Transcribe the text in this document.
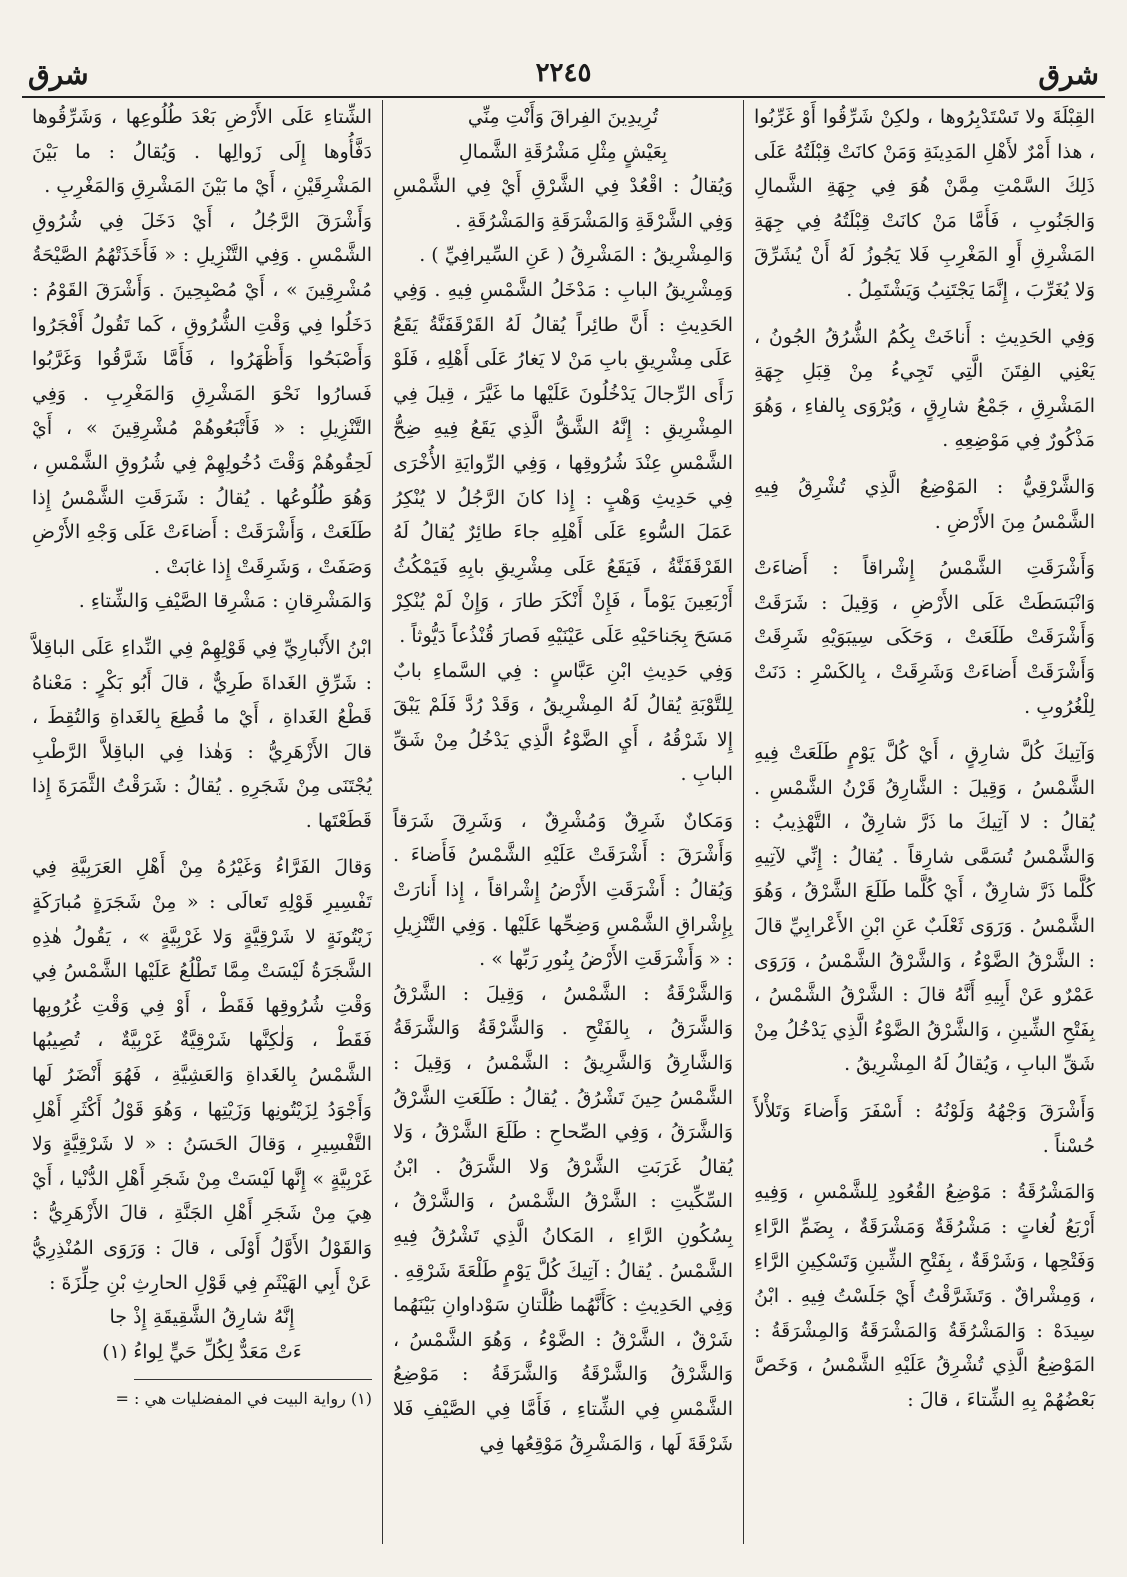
شرق
٢٢٤٥
شرق

القِبْلَةَ ولا تَسْتَدْبِرُوها ، ولكِنْ شَرِّقُوا أَوْ غَرِّبُوا ، هذا أَمْرٌ لأَهْلِ المَدِينَةِ وَمَنْ كانَتْ قِبْلَتُهُ عَلَى ذَلِكَ السَّمْتِ مِمَّنْ هُوَ فِي جِهَةِ الشَّمالِ وَالجَنُوبِ ، فَأَمَّا مَنْ كانَتْ قِبْلَتُهُ فِي جِهَةِ المَشْرِقِ أَوِ المَغْرِبِ فَلا يَجُوزُ لَهُ أَنْ يُشَرِّقَ وَلا يُغَرِّبَ ، إِنَّمَا يَجْتَنِبُ وَيَشْتَمِلُ .

وَفِي الحَدِيثِ : أَناخَتْ بِكُمُ الشُّرُقُ الجُونُ ، يَعْنِي الفِتَنَ الَّتِي تَجِيءُ مِنْ قِبَلِ جِهَةِ المَشْرِقِ ، جَمْعُ شارِقٍ ، وَيُرْوَى بِالفاءِ ، وَهُوَ مَذْكُورٌ فِي مَوْضِعِهِ .

وَالشَّرْقِيُّ : المَوْضِعُ الَّذِي تُشْرِقُ فِيهِ الشَّمْسُ مِنَ الأَرْضِ .

وَأَشْرَقَتِ الشَّمْسُ إِشْراقاً : أَضاءَتْ وَانْبَسَطَتْ عَلَى الأَرْضِ ، وَقِيلَ : شَرَقَتْ وَأَشْرَقَتْ طَلَعَتْ ، وَحَكَى سِيبَوَيْهِ شَرِقَتْ وَأَشْرَقَتْ أَضاءَتْ وَشَرِقَتْ ، بِالكَسْرِ : دَنَتْ لِلْغُرُوبِ .

وَآتِيكَ كُلَّ شارِقٍ ، أَيْ كُلَّ يَوْمٍ طَلَعَتْ فِيهِ الشَّمْسُ ، وَقِيلَ : الشَّارِقُ قَرْنُ الشَّمْسِ . يُقالُ : لا آتِيكَ ما ذَرَّ شارِقٌ ، التَّهْذِيبُ : وَالشَّمْسُ تُسَمَّى شارِقاً . يُقالُ : إِنِّي لآتِيهِ كُلَّما ذَرَّ شارِقٌ ، أَيْ كُلَّما طَلَعَ الشَّرْقُ ، وَهُوَ الشَّمْسُ . وَرَوَى ثَعْلَبٌ عَنِ ابْنِ الأَعْرابِيِّ قالَ : الشَّرْقُ الضَّوْءُ ، وَالشَّرْقُ الشَّمْسُ ، وَرَوَى عَمْرٌو عَنْ أَبِيهِ أَنَّهُ قالَ : الشَّرْقُ الشَّمْسُ ، بِفَتْحِ الشِّينِ ، وَالشَّرْقُ الضَّوْءُ الَّذِي يَدْخُلُ مِنْ شَقِّ البابِ ، وَيُقالُ لَهُ المِشْرِيقُ .

وَأَشْرَقَ وَجْهُهُ وَلَوْنُهُ : أَسْفَرَ وَأَضاءَ وَتَلأْلأَ حُسْناً .

وَالمَشْرُقَةُ : مَوْضِعُ القُعُودِ لِلشَّمْسِ ، وَفِيهِ أَرْبَعُ لُغاتٍ : مَشْرُقَةٌ وَمَشْرَقَةٌ ، بِضَمِّ الرَّاءِ وَفَتْحِها ، وَشَرْقَةٌ ، بِفَتْحِ الشِّينِ وَتَسْكِينِ الرَّاءِ ، وَمِشْراقٌ . وَتَشَرَّقْتُ أَيْ جَلَسْتُ فِيهِ . ابْنُ سِيدَهْ : وَالمَشْرُقَةُ وَالمَشْرَقَةُ وَالمِشْرَقَةُ : المَوْضِعُ الَّذِي تُشْرِقُ عَلَيْهِ الشَّمْسُ ، وَخَصَّ بَعْضُهُمْ بِهِ الشِّتاءَ ، قالَ :

تُرِيدِينَ الفِراقَ وَأَنْتِ مِنِّي

بِعَيْشٍ مِثْلِ مَشْرُقَةِ الشَّمالِ

وَيُقالُ : اقْعُدْ فِي الشَّرْقِ أَيْ فِي الشَّمْسِ وَفِي الشَّرْقَةِ وَالمَشْرَقَةِ وَالمَشْرُقَةِ .

وَالمِشْرِيقُ : المَشْرِقُ ( عَنِ السِّيرافِيِّ ) .

وَمِشْرِيقُ البابِ : مَدْخَلُ الشَّمْسِ فِيهِ . وَفِي الحَدِيثِ : أَنَّ طائِراً يُقالُ لَهُ القَرْقَفَنَّةُ يَقَعُ عَلَى مِشْرِيقِ بابِ مَنْ لا يَغارُ عَلَى أَهْلِهِ ، فَلَوْ رَأَى الرِّجالَ يَدْخُلُونَ عَلَيْها ما غَيَّرَ ، قِيلَ فِي المِشْرِيقِ : إِنَّهُ الشَّقُّ الَّذِي يَقَعُ فِيهِ ضِحُّ الشَّمْسِ عِنْدَ شُرُوقِها ، وَفِي الرِّوايَةِ الأُخْرَى فِي حَدِيثِ وَهْبٍ : إِذا كانَ الرَّجُلُ لا يُنْكِرُ عَمَلَ السُّوءِ عَلَى أَهْلِهِ جاءَ طائِرٌ يُقالُ لَهُ القَرْقَفَنَّةُ ، فَيَقَعُ عَلَى مِشْرِيقِ بابِهِ فَيَمْكُثُ أَرْبَعِينَ يَوْماً ، فَإِنْ أَنْكَرَ طارَ ، وَإِنْ لَمْ يُنْكِرْ مَسَحَ بِجَناحَيْهِ عَلَى عَيْنَيْهِ فَصارَ قُنْذُعاً دَيُّوثاً .

وَفِي حَدِيثِ ابْنِ عَبَّاسٍ : فِي السَّماءِ بابٌ لِلتَّوْبَةِ يُقالُ لَهُ المِشْرِيقُ ، وَقَدْ رُدَّ فَلَمْ يَبْقَ إِلا شَرْقُهُ ، أَيِ الضَّوْءُ الَّذِي يَدْخُلُ مِنْ شَقِّ البابِ .

وَمَكانٌ شَرِقٌ وَمُشْرِقٌ ، وَشَرِقَ شَرَقاً وَأَشْرَقَ : أَشْرَقَتْ عَلَيْهِ الشَّمْسُ فَأَضاءَ . وَيُقالُ : أَشْرَقَتِ الأَرْضُ إِشْراقاً ، إِذا أَنارَتْ بِإِشْراقِ الشَّمْسِ وَضِحِّها عَلَيْها . وَفِي التَّنْزِيلِ : « وَأَشْرَقَتِ الأَرْضُ بِنُورِ رَبِّها » .

وَالشَّرْقَةُ : الشَّمْسُ ، وَقِيلَ : الشَّرْقُ وَالشَّرَقُ ، بِالفَتْحِ . وَالشَّرْقَةُ وَالشَّرَقَةُ وَالشَّارِقُ وَالشَّرِيقُ : الشَّمْسُ ، وَقِيلَ : الشَّمْسُ حِينَ تَشْرُقُ . يُقالُ : طَلَعَتِ الشَّرْقُ وَالشَّرَقُ ، وَفِي الصِّحاحِ : طَلَعَ الشَّرْقُ ، وَلا يُقالُ غَرَبَتِ الشَّرْقُ وَلا الشَّرَقُ . ابْنُ السِّكِّيتِ : الشَّرْقُ الشَّمْسُ ، وَالشَّرْقُ ، بِسُكُونِ الرَّاءِ ، المَكانُ الَّذِي تَشْرُقُ فِيهِ الشَّمْسُ . يُقالُ : آتِيكَ كُلَّ يَوْمٍ طَلْعَةَ شَرْقِهِ . وَفِي الحَدِيثِ : كَأَنَّهُما ظُلَّتانِ سَوْداوانِ بَيْنَهُما شَرْقٌ ، الشَّرْقُ : الضَّوْءُ ، وَهُوَ الشَّمْسُ ، وَالشَّرْقُ وَالشَّرْقَةُ وَالشَّرَقَةُ : مَوْضِعُ الشَّمْسِ فِي الشِّتاءِ ، فَأَمَّا فِي الصَّيْفِ فَلا شَرْقَةَ لَها ، وَالمَشْرِقُ مَوْقِعُها فِي

الشِّتاءِ عَلَى الأَرْضِ بَعْدَ طُلُوعِها ، وَشَرِّقُوها دَفَّأُوها إِلَى زَوالِها . وَيُقالُ : ما بَيْنَ المَشْرِقَيْنِ ، أَيْ ما بَيْنَ المَشْرِقِ وَالمَغْرِبِ .

وَأَشْرَقَ الرَّجُلُ ، أَيْ دَخَلَ فِي شُرُوقِ الشَّمْسِ . وَفِي التَّنْزِيلِ : « فَأَخَذَتْهُمُ الصَّيْحَةُ مُشْرِقِينَ » ، أَيْ مُصْبِحِينَ . وَأَشْرَقَ القَوْمُ : دَخَلُوا فِي وَقْتِ الشُّرُوقِ ، كَما تَقُولُ أَفْجَرُوا وَأَصْبَحُوا وَأَظْهَرُوا ، فَأَمَّا شَرَّقُوا وَغَرَّبُوا فَسارُوا نَحْوَ المَشْرِقِ وَالمَغْرِبِ . وَفِي التَّنْزِيلِ : « فَأَتْبَعُوهُمْ مُشْرِقِينَ » ، أَيْ لَحِقُوهُمْ وَقْتَ دُخُولِهِمْ فِي شُرُوقِ الشَّمْسِ ، وَهُوَ طُلُوعُها . يُقالُ : شَرَقَتِ الشَّمْسُ إِذا طَلَعَتْ ، وَأَشْرَقَتْ : أَضاءَتْ عَلَى وَجْهِ الأَرْضِ وَصَفَتْ ، وَشَرِقَتْ إِذا غابَتْ .

وَالمَشْرِقانِ : مَشْرِقا الصَّيْفِ وَالشِّتاءِ .

ابْنُ الأَنْبارِيِّ فِي قَوْلِهِمْ فِي النِّداءِ عَلَى الباقِلاَّ : شَرِّقِ الغَداةَ طَرِيٌّ ، قالَ أَبُو بَكْرٍ : مَعْناهُ قَطْعُ الغَداةِ ، أَيْ ما قُطِعَ بِالغَداةِ وَالتُقِطَ ، قالَ الأَزْهَرِيُّ : وَهٰذا فِي الباقِلاَّ الرَّطْبِ يُجْتَنَى مِنْ شَجَرِهِ . يُقالُ : شَرَقْتُ الثَّمَرَةَ إِذا قَطَعْتَها .

وَقالَ الفَرَّاءُ وَغَيْرُهُ مِنْ أَهْلِ العَرَبِيَّةِ فِي تَفْسِيرِ قَوْلِهِ تَعالَى : « مِنْ شَجَرَةٍ مُبارَكَةٍ زَيْتُونَةٍ لا شَرْقِيَّةٍ وَلا غَرْبِيَّةٍ » ، يَقُولُ هٰذِهِ الشَّجَرَةُ لَيْسَتْ مِمَّا تَطْلُعُ عَلَيْها الشَّمْسُ فِي وَقْتِ شُرُوقِها فَقَطْ ، أَوْ فِي وَقْتِ غُرُوبِها فَقَطْ ، وَلٰكِنَّها شَرْقِيَّةٌ غَرْبِيَّةٌ ، تُصِيبُها الشَّمْسُ بِالغَداةِ وَالعَشِيَّةِ ، فَهُوَ أَنْضَرُ لَها وَأَجْوَدُ لِزَيْتُونِها وَزَيْتِها ، وَهُوَ قَوْلُ أَكْثَرِ أَهْلِ التَّفْسِيرِ ، وَقالَ الحَسَنُ : « لا شَرْقِيَّةٍ وَلا غَرْبِيَّةٍ » إِنَّها لَيْسَتْ مِنْ شَجَرِ أَهْلِ الدُّنْيا ، أَيْ هِيَ مِنْ شَجَرِ أَهْلِ الجَنَّةِ ، قالَ الأَزْهَرِيُّ : وَالقَوْلُ الأَوَّلُ أَوْلَى ، قالَ : وَرَوَى المُنْذِرِيُّ عَنْ أَبِي الهَيْثَمِ فِي قَوْلِ الحارِثِ بْنِ حِلِّزَةَ :

إِنَّهُ شارِقُ الشَّقِيقَةِ إِذْ جا

ءَتْ مَعَدٌّ لِكُلِّ حَيٍّ لِواءُ (١)

(١) رواية البيت في المفضليات هي : =
